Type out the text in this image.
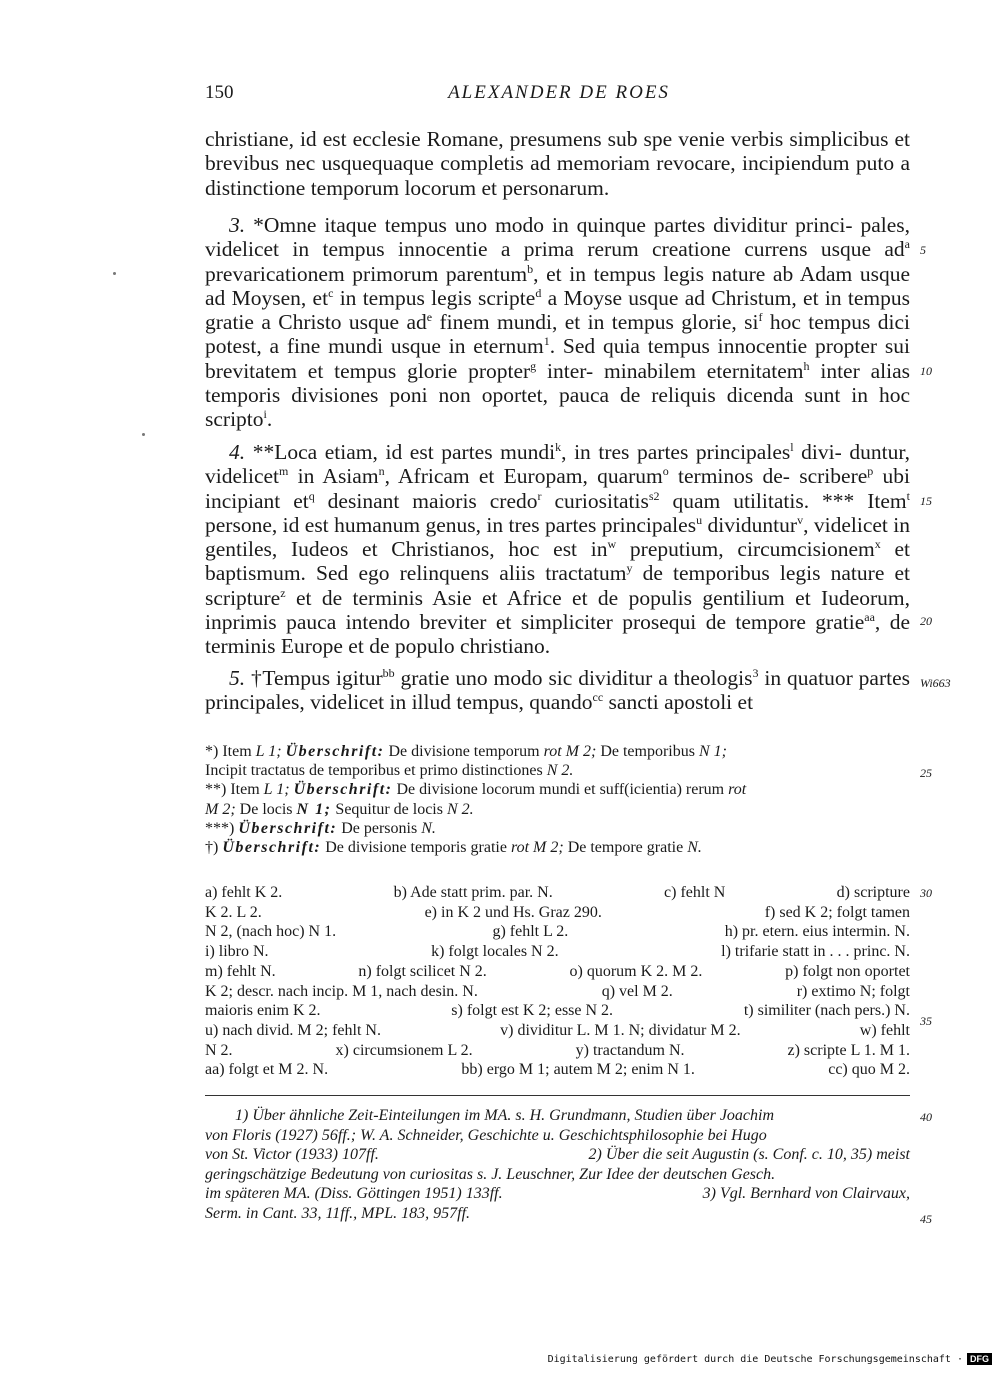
150	ALEXANDER DE ROES

christiane, id est ecclesie Romane, presumens sub spe venie verbis simplicibus et brevibus nec usquequaque completis ad memoriam revocare, incipiendum puto a distinctione temporum locorum et personarum.

3. *Omne itaque tempus uno modo in quinque partes dividitur princi- pales, videlicet in tempus innocentie a prima rerum creatione currens usque $ad^a$ prevaricationem primorum parentum$^b$, et in tempus legis nature ab Adam usque ad Moysen, $et^c$ in tempus legis scripte$^d$ a Moyse usque ad Christum, et in tempus gratie a Christo usque $ad^e$ finem mundi, et in tempus glorie, $si^f$ hoc tempus dici potest, a fine mundi usque in eternum$^1$. Sed quia tempus innocentie propter sui brevitatem et tempus glorie propter$^g$ inter- minabilem eternitatem$^h$ inter alias temporis divisiones poni non oportet, pauca de reliquis dicenda sunt in hoc scripto$^i$.

4. **Loca etiam, id est partes mundi$^k$, in tres partes principales$^l$ divi- duntur, videlicet$^m$ in Asiam$^n$, Africam et Europam, quarum$^o$ terminos de- scribere$^p$ ubi incipiant $et^q$ desinant maioris credo$^r$ curiositatis$^{s2}$ quam utilitatis. *** Item$^t$ persone, id est humanum genus, in tres partes principales$^u$ dividuntur$^v$, videlicet in gentiles, Iudeos et Christianos, hoc est $in^w$ preputium, circumcisionem$^x$ et baptismum. Sed ego relinquens aliis tractatum$^y$ de temporibus legis nature et scripture$^z$ et de terminis Asie et Africe et de populis gentilium et Iudeorum, inprimis pauca intendo breviter et simpliciter prosequi de tempore gratie$^{aa}$, de terminis Europe et de populo christiano.

5. †Tempus igitur$^{bb}$ gratie uno modo sic dividitur a theologis$^3$ in quatuor partes principales, videlicet in illud tempus, quando$^{cc}$ sancti apostoli et

5
10
15
20
Wi663
25
30
35
40
45
*) Item L 1; Überschrift: De divisione temporum rot M 2; De temporibus N 1;
Incipit tractatus de temporibus et primo distinctiones N 2.
**) Item L 1; Überschrift: De divisione locorum mundi et suff(icientia) rerum rot
M 2; De locis N 1; Sequitur de locis N 2.
***) Überschrift: De personis N.
†) Überschrift: De divisione temporis gratie rot M 2; De tempore gratie N.
a) fehlt K 2.	b) Ade statt prim. par. N.	c) fehlt N	d) scripture
K 2. L 2.	e) in K 2 und Hs. Graz 290.	f) sed K 2; folgt tamen
N 2, (nach hoc) N 1.	g) fehlt L 2.	h) pr. etern. eius intermin. N.
i) libro N.	k) folgt locales N 2.	l) trifarie statt in . . . princ. N.
m) fehlt N.	n) folgt scilicet N 2.	o) quorum K 2. M 2.	p) folgt non oportet
K 2; descr. nach incip. M 1, nach desin. N.	q) vel M 2.	r) extimo N; folgt
maioris enim K 2.	s) folgt est K 2; esse N 2.	t) similiter (nach pers.) N.
u) nach divid. M 2; fehlt N.	v) dividitur L. M 1. N; dividatur M 2.	w) fehlt
N 2.	x) circumsionem L 2.	y) tractandum N.	z) scripte L 1. M 1.
aa) folgt et M 2. N.	bb) ergo M 1; autem M 2; enim N 1.	cc) quo M 2.
1) Über ähnliche Zeit-Einteilungen im MA. s. H. Grundmann, Studien über Joachim
von Floris (1927) 56ff.; W. A. Schneider, Geschichte u. Geschichtsphilosophie bei Hugo
von St. Victor (1933) 107ff.	2) Über die seit Augustin (s. Conf. c. 10, 35) meist
geringschätzige Bedeutung von curiositas s. J. Leuschner, Zur Idee der deutschen Gesch.
im späteren MA. (Diss. Göttingen 1951) 133ff.	3) Vgl. Bernhard von Clairvaux,
Serm. in Cant. 33, 11ff., MPL. 183, 957ff.
Digitalisierung gefördert durch die Deutsche Forschungsgemeinschaft · DFG
